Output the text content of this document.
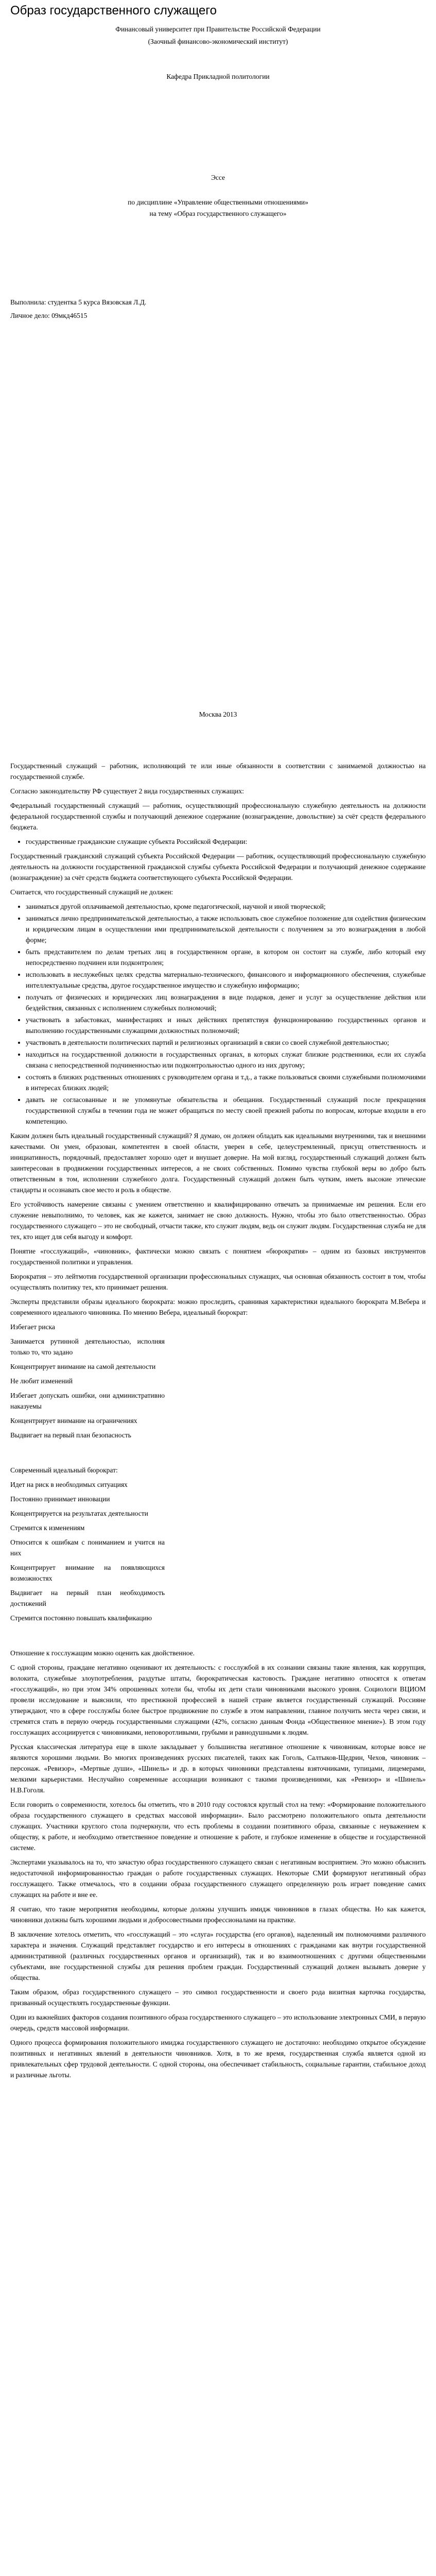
Образ государственного служащего
Финансовый университет при Правительстве Российской Федерации
(Заочный финансово-экономический институт)
Кафедра Прикладной политологии
Эссе
по дисциплине «Управление общественными отношениями»
на тему «Образ государственного служащего»
Выполнила: студентка 5 курса Вязовская Л.Д.
Личное дело: 09мкд46515
Москва 2013

Государственный служащий – работник, исполняющий те или иные обязанности в соответствии с занимаемой должностью на государственной службе.

Согласно законодательству РФ существует 2 вида государственных служащих:

Федеральный государственный служащий — работник, осуществляющий профессиональную служебную деятельность на должности федеральной государственной службы и получающий денежное содержание (вознаграждение, довольствие) за счёт средств федерального бюджета.

• государственные гражданские служащие субъекта Российской Федерации:

Государственный гражданский служащий субъекта Российской Федерации — работник, осуществляющий профессиональную служебную деятельность на должности государственной гражданской службы субъекта Российской Федерации и получающий денежное содержание (вознаграждение) за счёт средств бюджета соответствующего субъекта Российской Федерации.

Считается, что государственный служащий не должен:

• заниматься другой оплачиваемой деятельностью, кроме педагогической, научной и иной творческой;
• заниматься лично предпринимательской деятельностью, а также использовать свое служебное положение для содействия физическим и юридическим лицам в осуществлении ими предпринимательской деятельности с получением за это вознаграждения в любой форме;
• быть представителем по делам третьих лиц в государственном органе, в котором он состоит на службе, либо который ему непосредственно подчинен или подконтролен;
• использовать в неслужебных целях средства материально-технического, финансового и информационного обеспечения, служебные интеллектуальные средства, другое государственное имущество и служебную информацию;
• получать от физических и юридических лиц вознаграждения в виде подарков, денег и услуг за осуществление действия или бездействия, связанных с исполнением служебных полномочий;
• участвовать в забастовках, манифестациях и иных действиях препятствуя функционированию государственных органов и выполнению государственными служащими должностных полномочий;
• участвовать в деятельности политических партий и религиозных организаций в связи со своей служебной деятельностью;
• находиться на государственной должности в государственных органах, в которых служат близкие родственники, если их служба связана с непосредственной подчиненностью или подконтрольностью одного из них другому;
• состоять в близких родственных отношениях с руководителем органа и т.д., а также пользоваться своими служебными полномочиями в интересах близких людей;
• давать не согласованные и не упомянутые обязательства и обещания. Государственный служащий после прекращения государственной службы в течении года не может обращаться по месту своей прежней работы по вопросам, которые входили в его компетенцию.

Каким должен быть идеальный государственный служащий? Я думаю, он должен обладать как идеальными внутренними, так и внешними качествами. Он умен, образован, компетентен в своей области, уверен в себе, целеустремленный, присущ ответственность и инициативность, порядочный, предоставляет хорошо одет и внушает доверие. На мой взгляд, государственный служащий должен быть заинтересован в продвижении государственных интересов, а не своих собственных. Помимо чувства глубокой веры во добро быть ответственным в том, исполнении служебного долга. Государственный служащий должен быть чутким, иметь высокие этические стандарты и осознавать свое место и роль в обществе.

Его устойчивость намерение связаны с умением ответственно и квалифицированно отвечать за принимаемые им решения. Если его служение невыполнимо, то человек, как же кажется, занимает не свою должность. Нужно, чтобы это было ответственностью. Образ государственного служащего – это не свободный, отчасти также, кто служит людям, ведь он служит людям. Государственная служба не для тех, кто ищет для себя выгоду и комфорт.

Понятие «госслужащий», «чиновник», фактически можно связать с понятием «бюрократия» – одним из базовых инструментов государственной политики и управления.

Бюрократия – это лейтмотив государственной организации профессиональных служащих, чья основная обязанность состоит в том, чтобы осуществлять политику тех, кто принимает решения.

Эксперты представили образы идеального бюрократа: можно проследить, сравнивая характеристики идеального бюрократа М.Вебера и современного идеального чиновника. По мнению Вебера, идеальный бюрократ:

Избегает риска

Занимается рутинной деятельностью, исполняя только то, что задано

Концентрирует внимание на самой деятельности

Не любит изменений

Избегает допускать ошибки, они административно наказуемы

Концентрирует внимание на ограничениях

Выдвигает на первый план безопасность

Современный идеальный бюрократ:

Идет на риск в необходимых ситуациях

Постоянно принимает инновации

Концентрируется на результатах деятельности

Стремится к изменениям

Относится к ошибкам с пониманием и учится на них

Концентрирует внимание на появляющихся возможностях

Выдвигает на первый план необходимость достижений

Стремится постоянно повышать квалификацию

Отношение к госслужащим можно оценить как двойственное.

С одной стороны, граждане негативно оценивают их деятельность: с госслужбой в их сознании связаны такие явления, как коррупция, волокита, служебные злоупотребления, раздутые штаты, бюрократическая кастовость. Граждане негативно относятся к ответам «госслужащий», но при этом 34% опрошенных хотели бы, чтобы их дети стали чиновниками высокого уровня. Социологи ВЦИОМ провели исследование и выяснили, что престижной профессией в нашей стране является государственный служащий. Россияне утверждают, что в сфере госслужбы более быстрое продвижение по службе в этом направлении, главное получить места через связи, и стремятся стать в первую очередь государственными служащими (42%, согласно данным Фонда «Общественное мнение»). В этом году госслужащих ассоциируется с чиновниками, неповоротливыми, грубыми и равнодушными к людям.

Русская классическая литература еще в школе закладывает у большинства негативное отношение к чиновникам, которые вовсе не являются хорошими людьми. Во многих произведениях русских писателей, таких как Гоголь, Салтыков-Щедрин, Чехов, чиновник – персонаж. «Ревизор», «Мертвые души», «Шинель» и др. в которых чиновники представлены взяточниками, тупицами, лицемерами, мелкими карьеристами. Неслучайно современные ассоциации возникают с такими произведениями, как «Ревизор» и «Шинель» Н.В.Гоголя.

Если говорить о современности, хотелось бы отметить, что в 2010 году состоялся круглый стол на тему: «Формирование положительного образа государственного служащего в средствах массовой информации». Было рассмотрено положительного опыта деятельности служащих. Участники круглого стола подчеркнули, что есть проблемы в создании позитивного образа, связанные с неуважением к обществу, к работе, и необходимо ответственное поведение и отношение к работе, и глубокое изменение в обществе и государственной системе.

Экспертами указывалось на то, что зачастую образ государственного служащего связан с негативным восприятием. Это можно объяснить недостаточной информированностью граждан о работе государственных служащих. Некоторые СМИ формируют негативный образ госслужащего. Также отмечалось, что в создании образа государственного служащего определенную роль играет поведение самих служащих на работе и вне ее.

Я считаю, что такие мероприятия необходимы, которые должны улучшить имидж чиновников в глазах общества. Но как кажется, чиновники должны быть хорошими людьми и добросовестными профессионалами на практике.

В заключение хотелось отметить, что «госслужащий – это «слуга» государства (его органов), наделенный им полномочиями различного характера и значения. Служащий представляет государство и его интересы в отношениях с гражданами как внутри государственной административной (различных государственных органов и организаций), так и во взаимоотношениях с другими общественными субъектами, вне государственной службы для решения проблем граждан. Государственный служащий должен вызывать доверие у общества.

Таким образом, образ государственного служащего – это символ государственности и своего рода визитная карточка государства, призванный осуществлять государственные функции.

Один из важнейших факторов создания позитивного образа государственного служащего – это использование электронных СМИ, в первую очередь, средств массовой информации.

Одного процесса формирования положительного имиджа государственного служащего не достаточно: необходимо открытое обсуждение позитивных и негативных явлений в деятельности чиновников. Хотя, в то же время, государственная служба является одной из привлекательных сфер трудовой деятельности. С одной стороны, она обеспечивает стабильность, социальные гарантии, стабильное доход и различные льготы.
